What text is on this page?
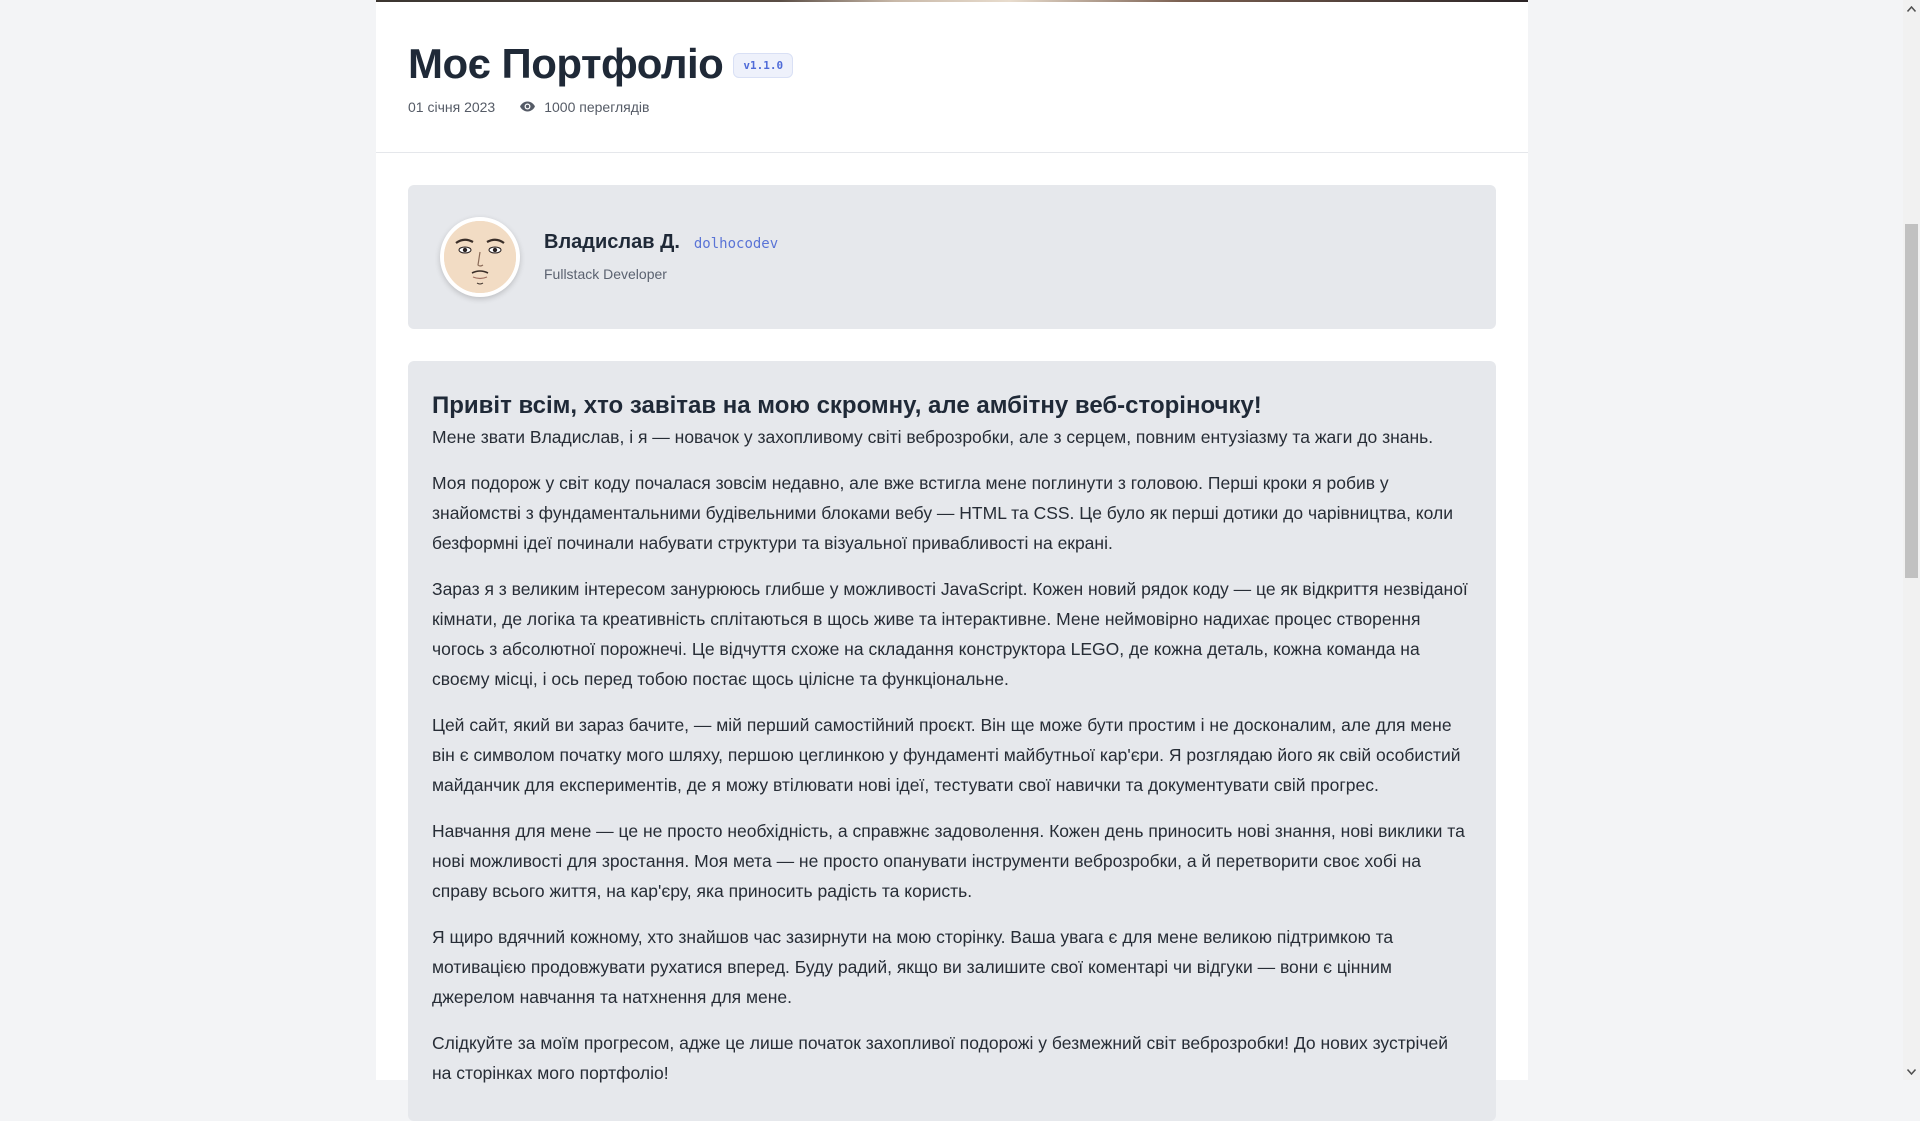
Моє Портфоліо	v1.1.0
01 січня 2023	1000 переглядів
Владислав Д. dolhocodev
Fullstack Developer
Привіт всім, хто завітав на мою скромну, але амбітну веб-сторіночку!

Мене звати Владислав, і я — новачок у захопливому світі веброзробки, але з серцем, повним ентузіазму та жаги до знань.

Моя подорож у світ коду почалася зовсім недавно, але вже встигла мене поглинути з головою. Перші кроки я робив у знайомстві з фундаментальними будівельними блоками вебу — HTML та CSS. Це було як перші дотики до чарівництва, коли безформні ідеї починали набувати структури та візуальної привабливості на екрані.

Зараз я з великим інтересом занурююсь глибше у можливості JavaScript. Кожен новий рядок коду — це як відкриття незвіданої кімнати, де логіка та креативність сплітаються в щось живе та інтерактивне. Мене неймовірно надихає процес створення чогось з абсолютної порожнечі. Це відчуття схоже на складання конструктора LEGO, де кожна деталь, кожна команда на своєму місці, і ось перед тобою постає щось цілісне та функціональне.

Цей сайт, який ви зараз бачите, — мій перший самостійний проєкт. Він ще може бути простим і не досконалим, але для мене він є символом початку мого шляху, першою цеглинкою у фундаменті майбутньої кар'єри. Я розглядаю його як свій особистий майданчик для експериментів, де я можу втілювати нові ідеї, тестувати свої навички та документувати свій прогрес.

Навчання для мене — це не просто необхідність, а справжнє задоволення. Кожен день приносить нові знання, нові виклики та нові можливості для зростання. Моя мета — не просто опанувати інструменти веброзробки, а й перетворити своє хобі на справу всього життя, на кар'єру, яка приносить радість та користь.

Я щиро вдячний кожному, хто знайшов час зазирнути на мою сторінку. Ваша увага є для мене великою підтримкою та мотивацією продовжувати рухатися вперед. Буду радий, якщо ви залишите свої коментарі чи відгуки — вони є цінним джерелом навчання та натхнення для мене.

Слідкуйте за моїм прогресом, адже це лише початок захопливої подорожі у безмежний світ веброзробки! До нових зустрічей на сторінках мого портфоліо!
